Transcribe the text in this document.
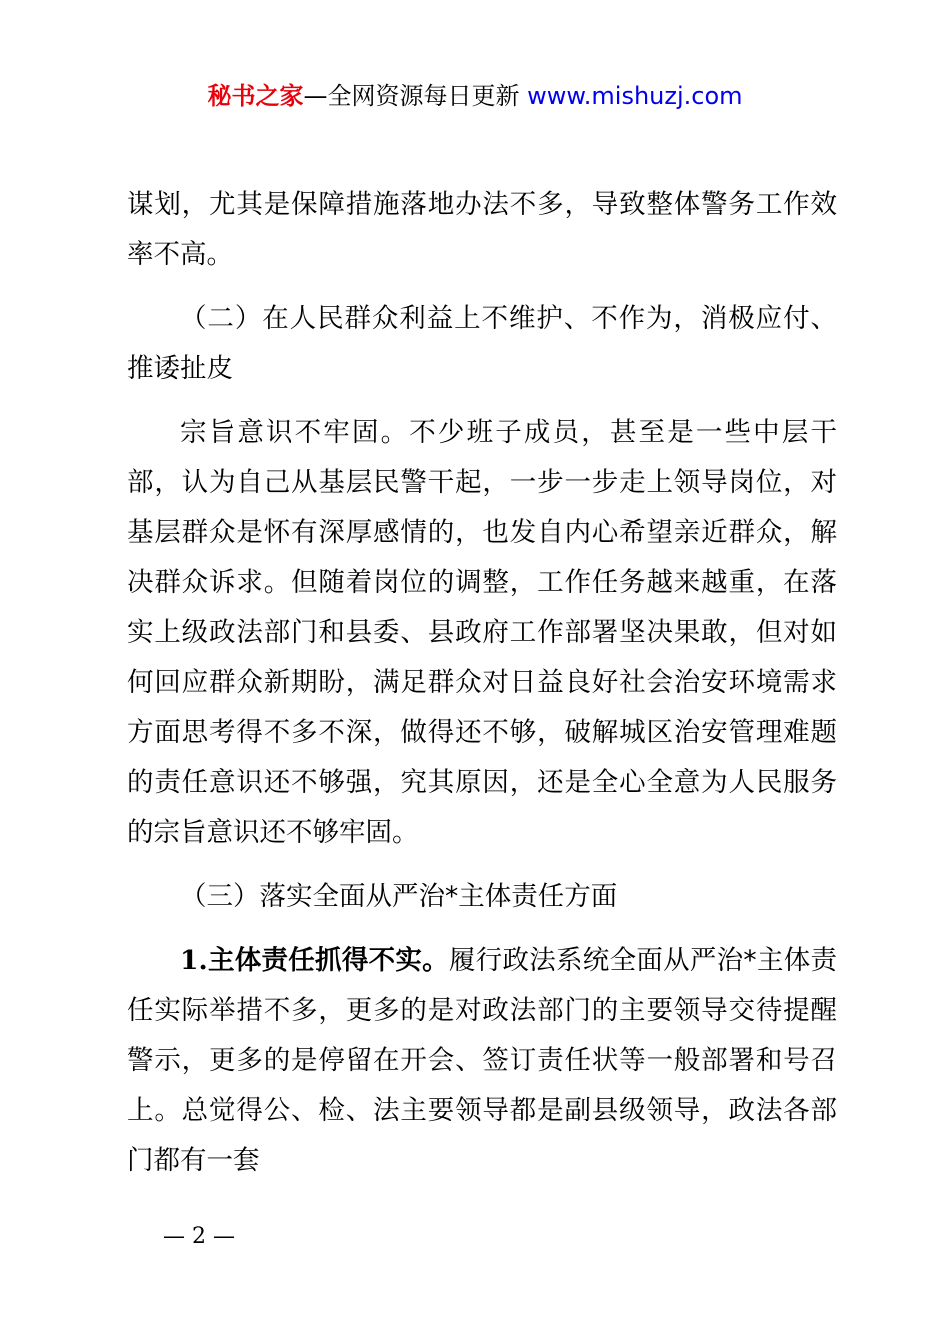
秘书之家—全网资源每日更新 www.mishuzj.com

谋划，尤其是保障措施落地办法不多，导致整体警务工作效率不高。

（二）在人民群众利益上不维护、不作为，消极应付、推诿扯皮

宗旨意识不牢固。不少班子成员，甚至是一些中层干部，认为自己从基层民警干起，一步一步走上领导岗位，对基层群众是怀有深厚感情的，也发自内心希望亲近群众，解决群众诉求。但随着岗位的调整，工作任务越来越重，在落实上级政法部门和县委、县政府工作部署坚决果敢，但对如何回应群众新期盼，满足群众对日益良好社会治安环境需求方面思考得不多不深，做得还不够，破解城区治安管理难题的责任意识还不够强，究其原因，还是全心全意为人民服务的宗旨意识还不够牢固。

（三）落实全面从严治*主体责任方面

1.主体责任抓得不实。履行政法系统全面从严治*主体责任实际举措不多，更多的是对政法部门的主要领导交待提醒警示，更多的是停留在开会、签订责任状等一般部署和号召上。总觉得公、检、法主要领导都是副县级领导，政法各部门都有一套

— 2 —
